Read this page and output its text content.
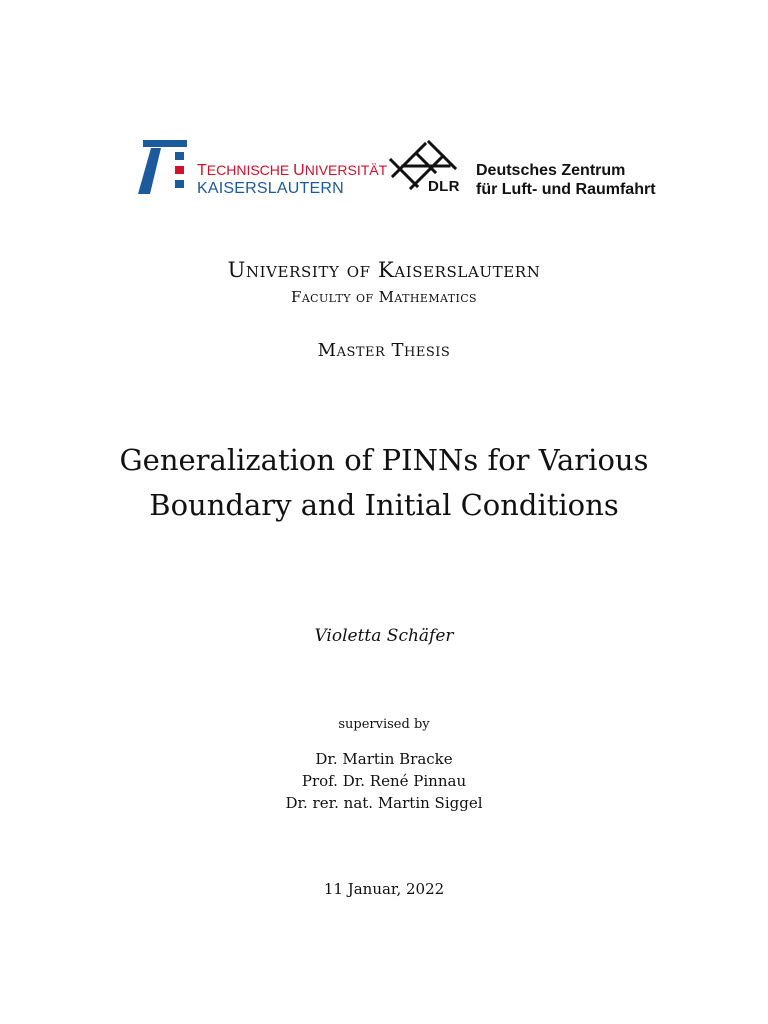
TECHNISCHE UNIVERSITÄT
KAISERSLAUTERN	DLR
Deutsches Zentrum
für Luft- und Raumfahrt
University of Kaiserslautern
Faculty of Mathematics
Master Thesis
Generalization of PINNs for Various
Boundary and Initial Conditions
Violetta Schäfer
supervised by
Dr. Martin Bracke
Prof. Dr. René Pinnau
Dr. rer. nat. Martin Siggel
11 Januar, 2022
